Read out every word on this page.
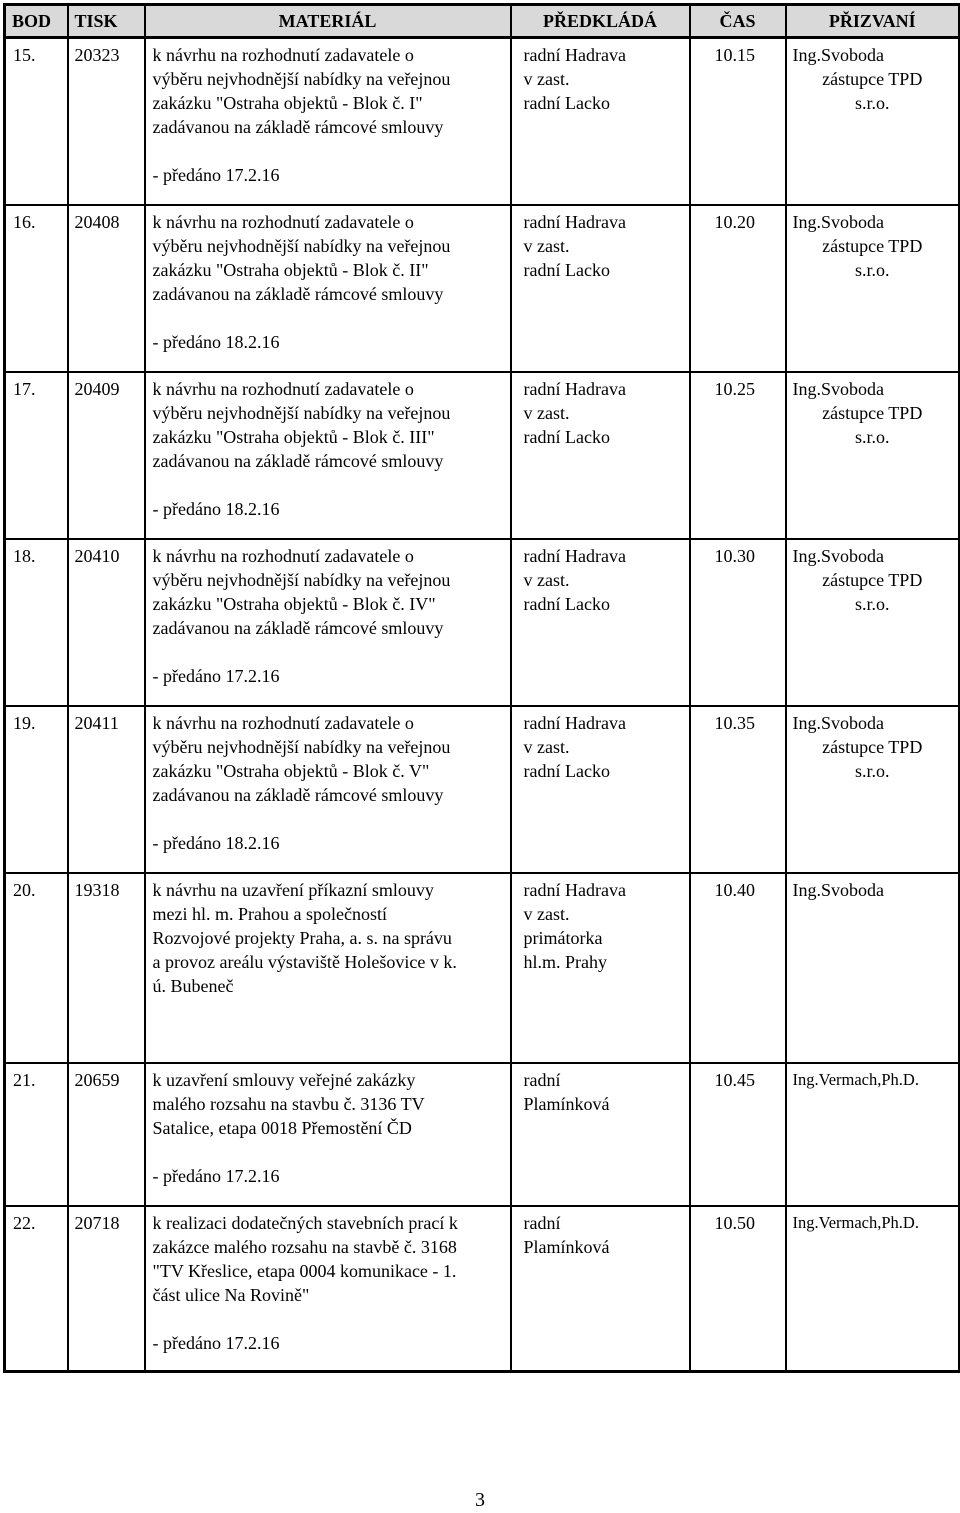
BOD	TISK	MATERIÁL	PŘEDKLÁDÁ	ČAS	PŘIZVANÍ

15.	20323	k návrhu na rozhodnutí zadavatele o
výběru nejvhodnější nabídky na veřejnou
zakázku "Ostraha objektů - Blok č. I"
zadávanou na základě rámcové smlouvy
- předáno 17.2.16	radní Hadrava
v zast.
radní Lacko	10.15	Ing.Svoboda
zástupce TPD
s.r.o.

16.	20408	k návrhu na rozhodnutí zadavatele o
výběru nejvhodnější nabídky na veřejnou
zakázku "Ostraha objektů - Blok č. II"
zadávanou na základě rámcové smlouvy
- předáno 18.2.16	radní Hadrava
v zast.
radní Lacko	10.20	Ing.Svoboda
zástupce TPD
s.r.o.

17.	20409	k návrhu na rozhodnutí zadavatele o
výběru nejvhodnější nabídky na veřejnou
zakázku "Ostraha objektů - Blok č. III"
zadávanou na základě rámcové smlouvy
- předáno 18.2.16	radní Hadrava
v zast.
radní Lacko	10.25	Ing.Svoboda
zástupce TPD
s.r.o.

18.	20410	k návrhu na rozhodnutí zadavatele o
výběru nejvhodnější nabídky na veřejnou
zakázku "Ostraha objektů - Blok č. IV"
zadávanou na základě rámcové smlouvy
- předáno 17.2.16	radní Hadrava
v zast.
radní Lacko	10.30	Ing.Svoboda
zástupce TPD
s.r.o.

19.	20411	k návrhu na rozhodnutí zadavatele o
výběru nejvhodnější nabídky na veřejnou
zakázku "Ostraha objektů - Blok č. V"
zadávanou na základě rámcové smlouvy
- předáno 18.2.16	radní Hadrava
v zast.
radní Lacko	10.35	Ing.Svoboda
zástupce TPD
s.r.o.

20.	19318	k návrhu na uzavření příkazní smlouvy
mezi hl. m. Prahou a společností
Rozvojové projekty Praha, a. s. na správu
a provoz areálu výstaviště Holešovice v k.
ú. Bubeneč	radní Hadrava
v zast.
primátorka
hl.m. Prahy	10.40	Ing.Svoboda

21.	20659	k uzavření smlouvy veřejné zakázky
malého rozsahu na stavbu č. 3136 TV
Satalice, etapa 0018 Přemostění ČD
- předáno 17.2.16	radní
Plamínková	10.45	Ing.Vermach,Ph.D.

22.	20718	k realizaci dodatečných stavebních prací k
zakázce malého rozsahu na stavbě č. 3168
"TV Křeslice, etapa 0004 komunikace - 1.
část ulice Na Rovině"
- předáno 17.2.16	radní
Plamínková	10.50	Ing.Vermach,Ph.D.
3
